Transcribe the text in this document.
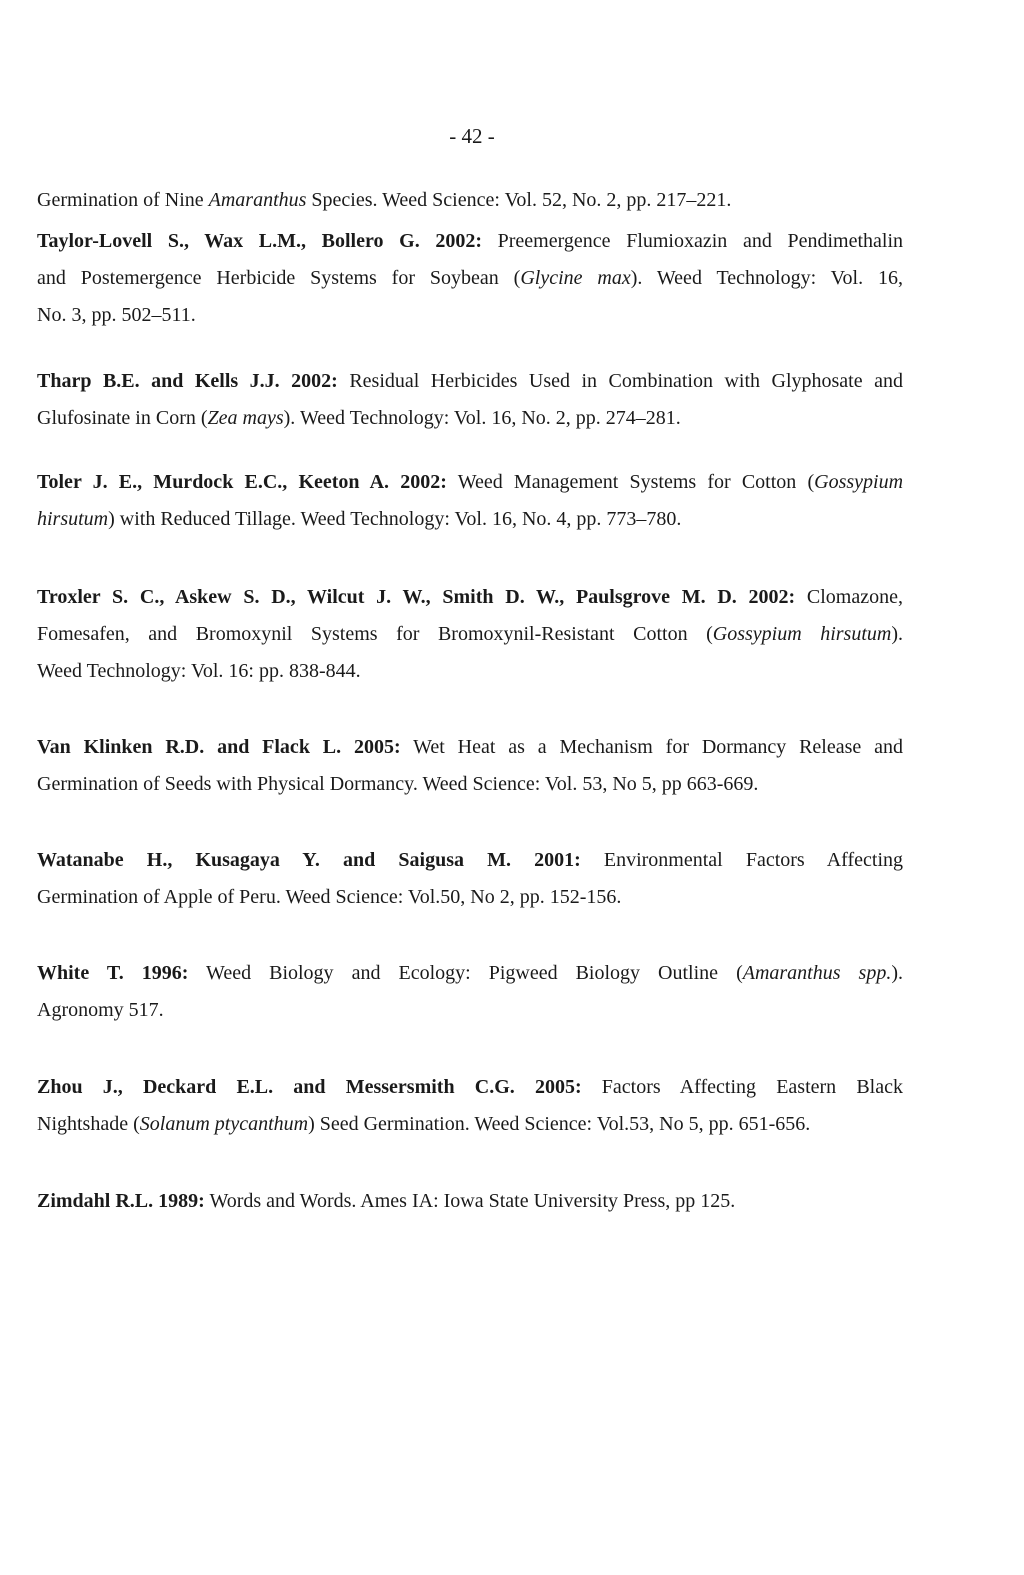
- 42 -
Germination of Nine Amaranthus Species. Weed Science: Vol. 52, No. 2, pp. 217–221.
Taylor-Lovell S., Wax L.M., Bollero G. 2002: Preemergence Flumioxazin and Pendimethalin
and Postemergence Herbicide Systems for Soybean (Glycine max). Weed Technology: Vol. 16,
No. 3, pp. 502–511.
Tharp B.E. and Kells J.J. 2002: Residual Herbicides Used in Combination with Glyphosate and
Glufosinate in Corn (Zea mays). Weed Technology: Vol. 16, No. 2, pp. 274–281.
Toler J. E., Murdock E.C., Keeton A. 2002: Weed Management Systems for Cotton (Gossypium
hirsutum) with Reduced Tillage. Weed Technology: Vol. 16, No. 4, pp. 773–780.
Troxler S. C., Askew S. D., Wilcut J. W., Smith D. W., Paulsgrove M. D. 2002: Clomazone,
Fomesafen, and Bromoxynil Systems for Bromoxynil-Resistant Cotton (Gossypium hirsutum).
Weed Technology: Vol. 16: pp. 838-844.
Van Klinken R.D. and Flack L. 2005: Wet Heat as a Mechanism for Dormancy Release and
Germination of Seeds with Physical Dormancy. Weed Science: Vol. 53, No 5, pp 663-669.
Watanabe H., Kusagaya Y. and Saigusa M. 2001: Environmental Factors Affecting
Germination of Apple of Peru. Weed Science: Vol.50, No 2, pp. 152-156.
White T. 1996: Weed Biology and Ecology: Pigweed Biology Outline (Amaranthus spp.).
Agronomy 517.
Zhou J., Deckard E.L. and Messersmith C.G. 2005: Factors Affecting Eastern Black
Nightshade (Solanum ptycanthum) Seed Germination. Weed Science: Vol.53, No 5, pp. 651-656.
Zimdahl R.L. 1989: Words and Words. Ames IA: Iowa State University Press, pp 125.
